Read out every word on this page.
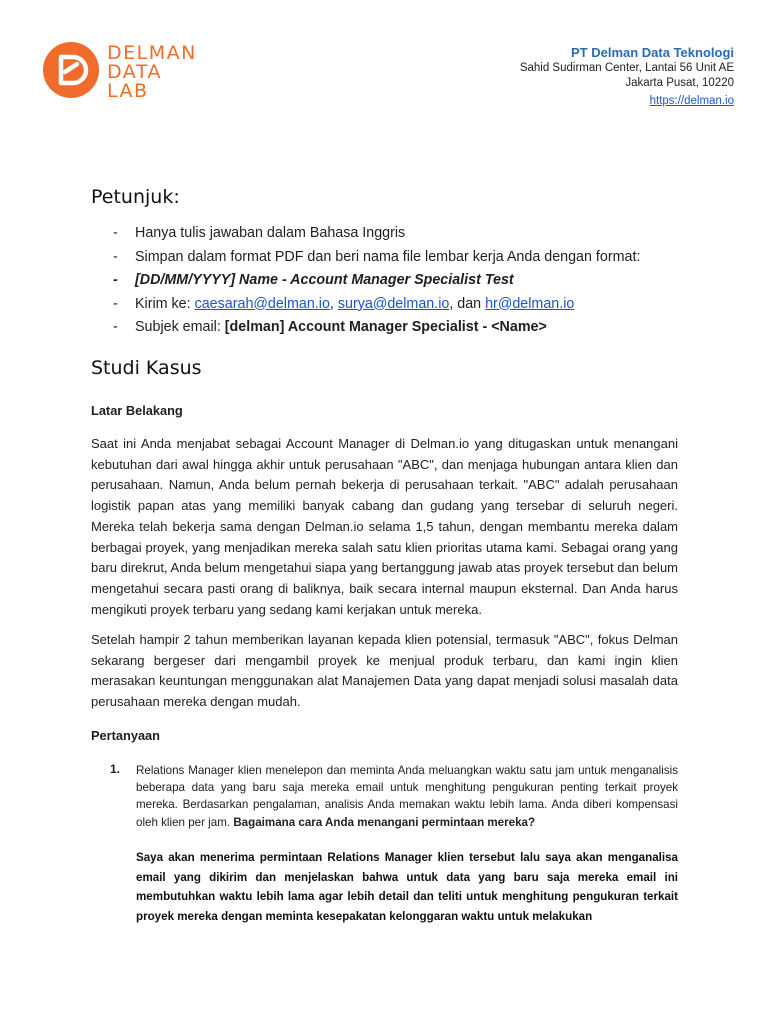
DELMAN
DATA
LAB
PT Delman Data Teknologi
Sahid Sudirman Center, Lantai 56 Unit AE
Jakarta Pusat, 10220
https://delman.io
Petunjuk:
-	Hanya tulis jawaban dalam Bahasa Inggris
-	Simpan dalam format PDF dan beri nama file lembar kerja Anda dengan format:
-	[DD/MM/YYYY] Name - Account Manager Specialist Test
-	Kirim ke: caesarah@delman.io, surya@delman.io, dan hr@delman.io
-	Subjek email: [delman] Account Manager Specialist - <Name>
Studi Kasus
Latar Belakang

Saat ini Anda menjabat sebagai Account Manager di Delman.io yang ditugaskan untuk menangani kebutuhan dari awal hingga akhir untuk perusahaan "ABC", dan menjaga hubungan antara klien dan perusahaan. Namun, Anda belum pernah bekerja di perusahaan terkait. "ABC" adalah perusahaan logistik papan atas yang memiliki banyak cabang dan gudang yang tersebar di seluruh negeri. Mereka telah bekerja sama dengan Delman.io selama 1,5 tahun, dengan membantu mereka dalam berbagai proyek, yang menjadikan mereka salah satu klien prioritas utama kami. Sebagai orang yang baru direkrut, Anda belum mengetahui siapa yang bertanggung jawab atas proyek tersebut dan belum mengetahui secara pasti orang di baliknya, baik secara internal maupun eksternal. Dan Anda harus mengikuti proyek terbaru yang sedang kami kerjakan untuk mereka.

Setelah hampir 2 tahun memberikan layanan kepada klien potensial, termasuk "ABC", fokus Delman sekarang bergeser dari mengambil proyek ke menjual produk terbaru, dan kami ingin klien merasakan keuntungan menggunakan alat Manajemen Data yang dapat menjadi solusi masalah data perusahaan mereka dengan mudah.

Pertanyaan
1. Relations Manager klien menelepon dan meminta Anda meluangkan waktu satu jam untuk menganalisis beberapa data yang baru saja mereka email untuk menghitung pengukuran penting terkait proyek mereka. Berdasarkan pengalaman, analisis Anda memakan waktu lebih lama. Anda diberi kompensasi oleh klien per jam. Bagaimana cara Anda menangani permintaan mereka?

Saya akan menerima permintaan Relations Manager klien tersebut lalu saya akan menganalisa email yang dikirim dan menjelaskan bahwa untuk data yang baru saja mereka email ini membutuhkan waktu lebih lama agar lebih detail dan teliti untuk menghitung pengukuran terkait proyek mereka dengan meminta kesepakatan kelonggaran waktu untuk melakukan
